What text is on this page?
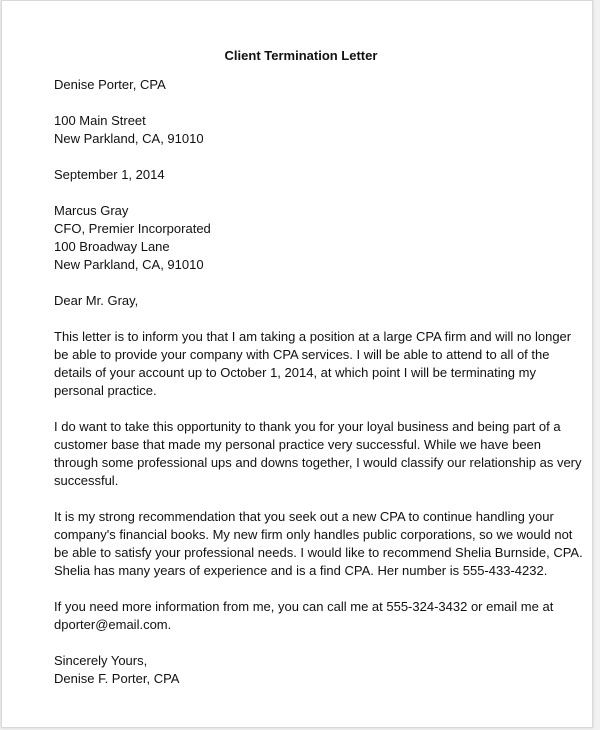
Client Termination Letter
Denise Porter, CPA
100 Main Street
New Parkland, CA, 91010
September 1, 2014
Marcus Gray
CFO, Premier Incorporated
100 Broadway Lane
New Parkland, CA, 91010
Dear Mr. Gray,
This letter is to inform you that I am taking a position at a large CPA firm and will no longer
be able to provide your company with CPA services. I will be able to attend to all of the
details of your account up to October 1, 2014, at which point I will be terminating my
personal practice.
I do want to take this opportunity to thank you for your loyal business and being part of a
customer base that made my personal practice very successful. While we have been
through some professional ups and downs together, I would classify our relationship as very
successful.
It is my strong recommendation that you seek out a new CPA to continue handling your
company's financial books. My new firm only handles public corporations, so we would not
be able to satisfy your professional needs. I would like to recommend Shelia Burnside, CPA.
Shelia has many years of experience and is a find CPA. Her number is 555-433-4232.
If you need more information from me, you can call me at 555-324-3432 or email me at
dporter@email.com.
Sincerely Yours,
Denise F. Porter, CPA
